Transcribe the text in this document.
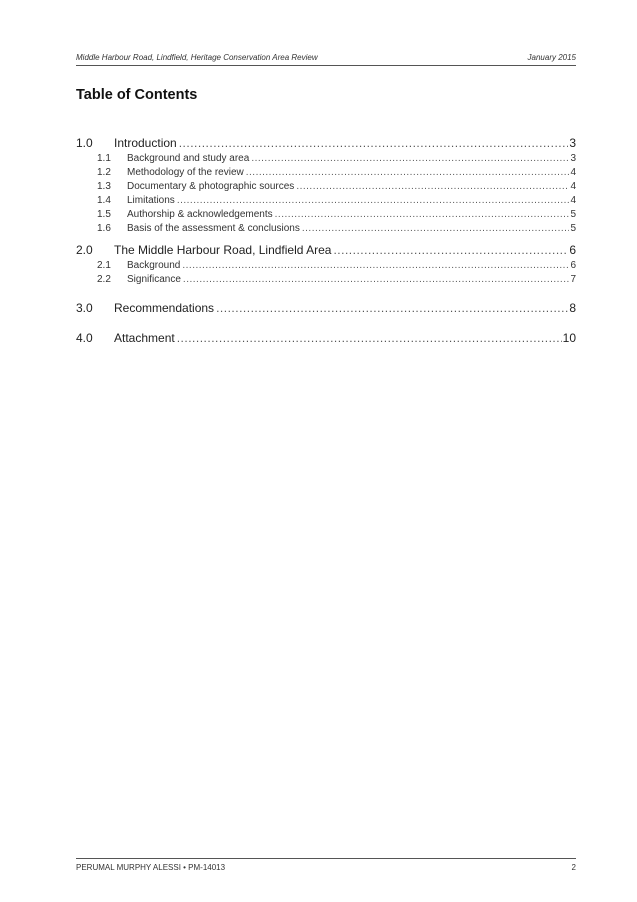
Middle Harbour Road, Lindfield, Heritage Conservation Area Review	January 2015
Table of Contents
1.0	Introduction .....	3
1.1	Background and study area .....	3
1.2	Methodology of the review .....	4
1.3	Documentary & photographic sources .....	4
1.4	Limitations .....	4
1.5	Authorship & acknowledgements .....	5
1.6	Basis of the assessment & conclusions .....	5
2.0	The Middle Harbour Road, Lindfield Area .....	6
2.1	Background .....	6
2.2	Significance .....	7
3.0	Recommendations .....	8
4.0	Attachment .....	10
PERUMAL MURPHY ALESSI • PM-14013	2
